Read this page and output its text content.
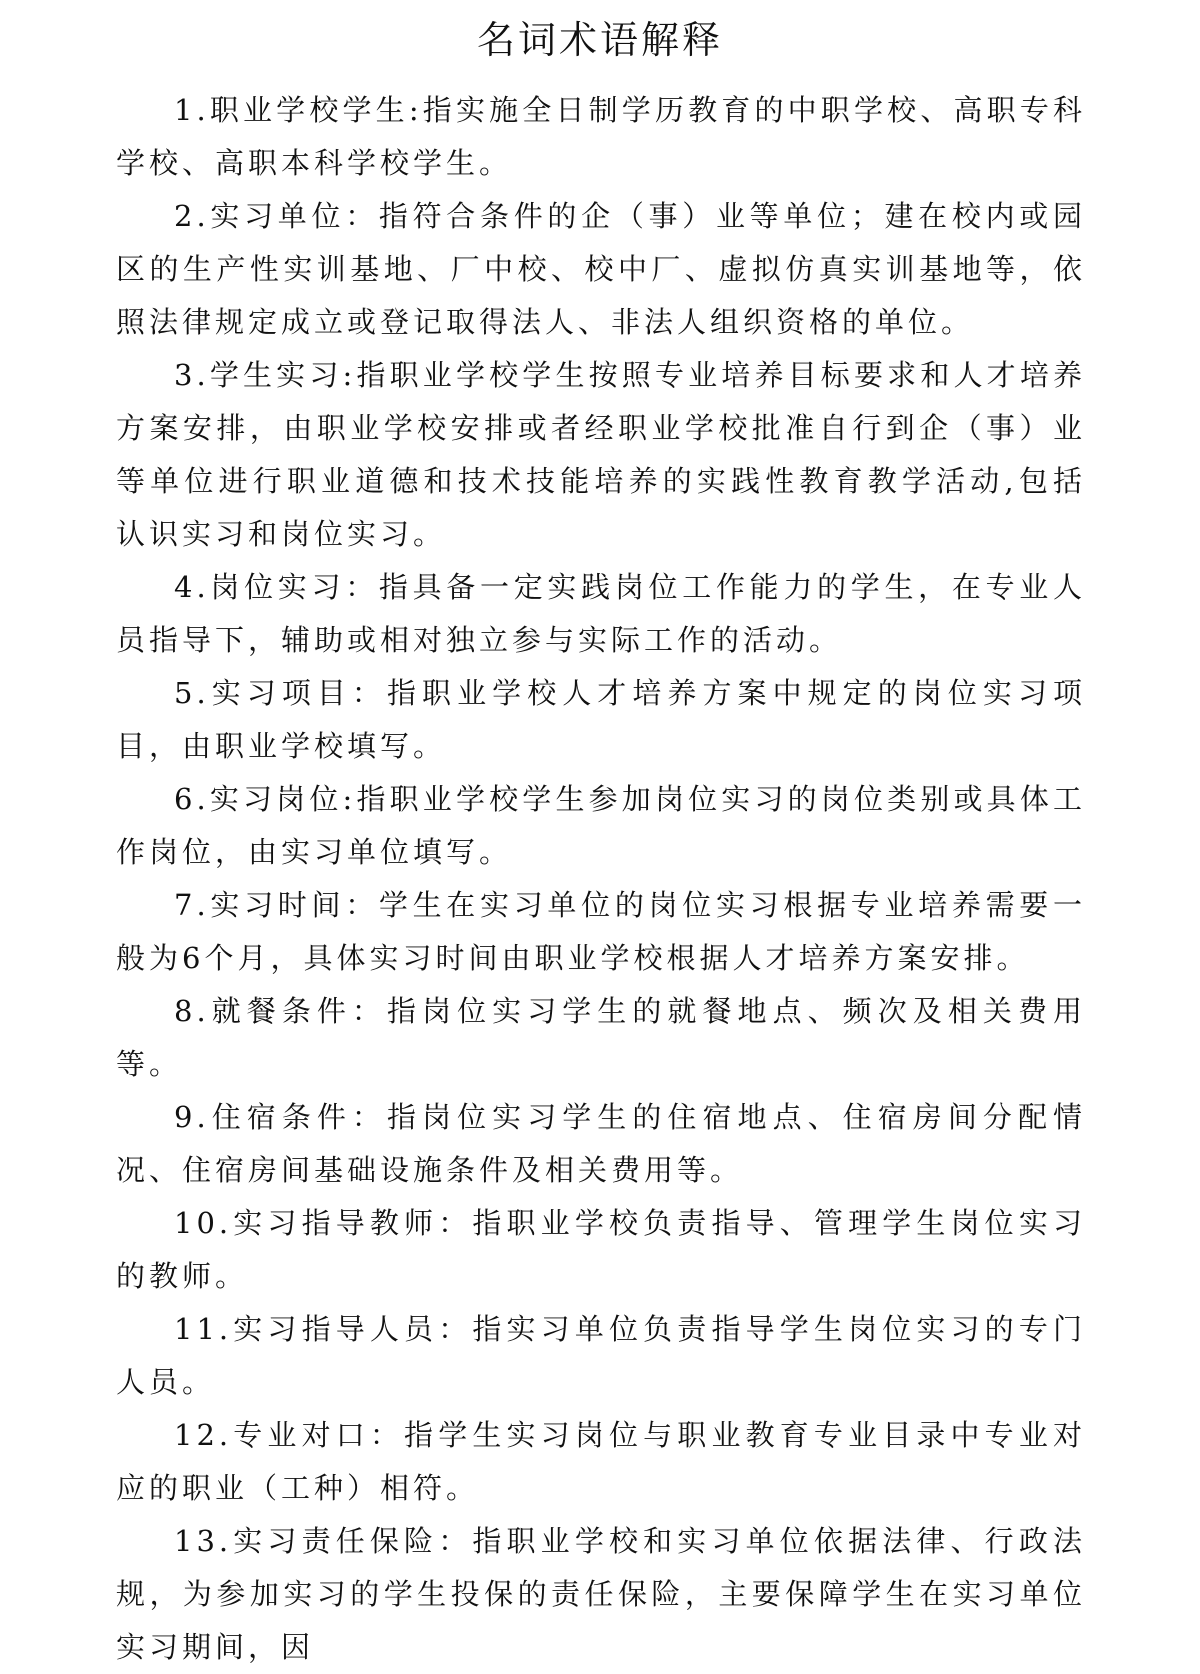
名词术语解释

1.职业学校学生:指实施全日制学历教育的中职学校、高职专科学校、高职本科学校学生。

2.实习单位：指符合条件的企（事）业等单位；建在校内或园区的生产性实训基地、厂中校、校中厂、虚拟仿真实训基地等，依照法律规定成立或登记取得法人、非法人组织资格的单位。

3.学生实习:指职业学校学生按照专业培养目标要求和人才培养方案安排，由职业学校安排或者经职业学校批准自行到企（事）业等单位进行职业道德和技术技能培养的实践性教育教学活动,包括认识实习和岗位实习。

4.岗位实习：指具备一定实践岗位工作能力的学生，在专业人员指导下，辅助或相对独立参与实际工作的活动。

5.实习项目：指职业学校人才培养方案中规定的岗位实习项目，由职业学校填写。

6.实习岗位:指职业学校学生参加岗位实习的岗位类别或具体工作岗位，由实习单位填写。

7.实习时间：学生在实习单位的岗位实习根据专业培养需要一般为6个月，具体实习时间由职业学校根据人才培养方案安排。

8.就餐条件：指岗位实习学生的就餐地点、频次及相关费用等。

9.住宿条件：指岗位实习学生的住宿地点、住宿房间分配情况、住宿房间基础设施条件及相关费用等。

10.实习指导教师：指职业学校负责指导、管理学生岗位实习的教师。

11.实习指导人员：指实习单位负责指导学生岗位实习的专门人员。

12.专业对口：指学生实习岗位与职业教育专业目录中专业对应的职业（工种）相符。

13.实习责任保险：指职业学校和实习单位依据法律、行政法规，为参加实习的学生投保的责任保险，主要保障学生在实习单位实习期间，因
